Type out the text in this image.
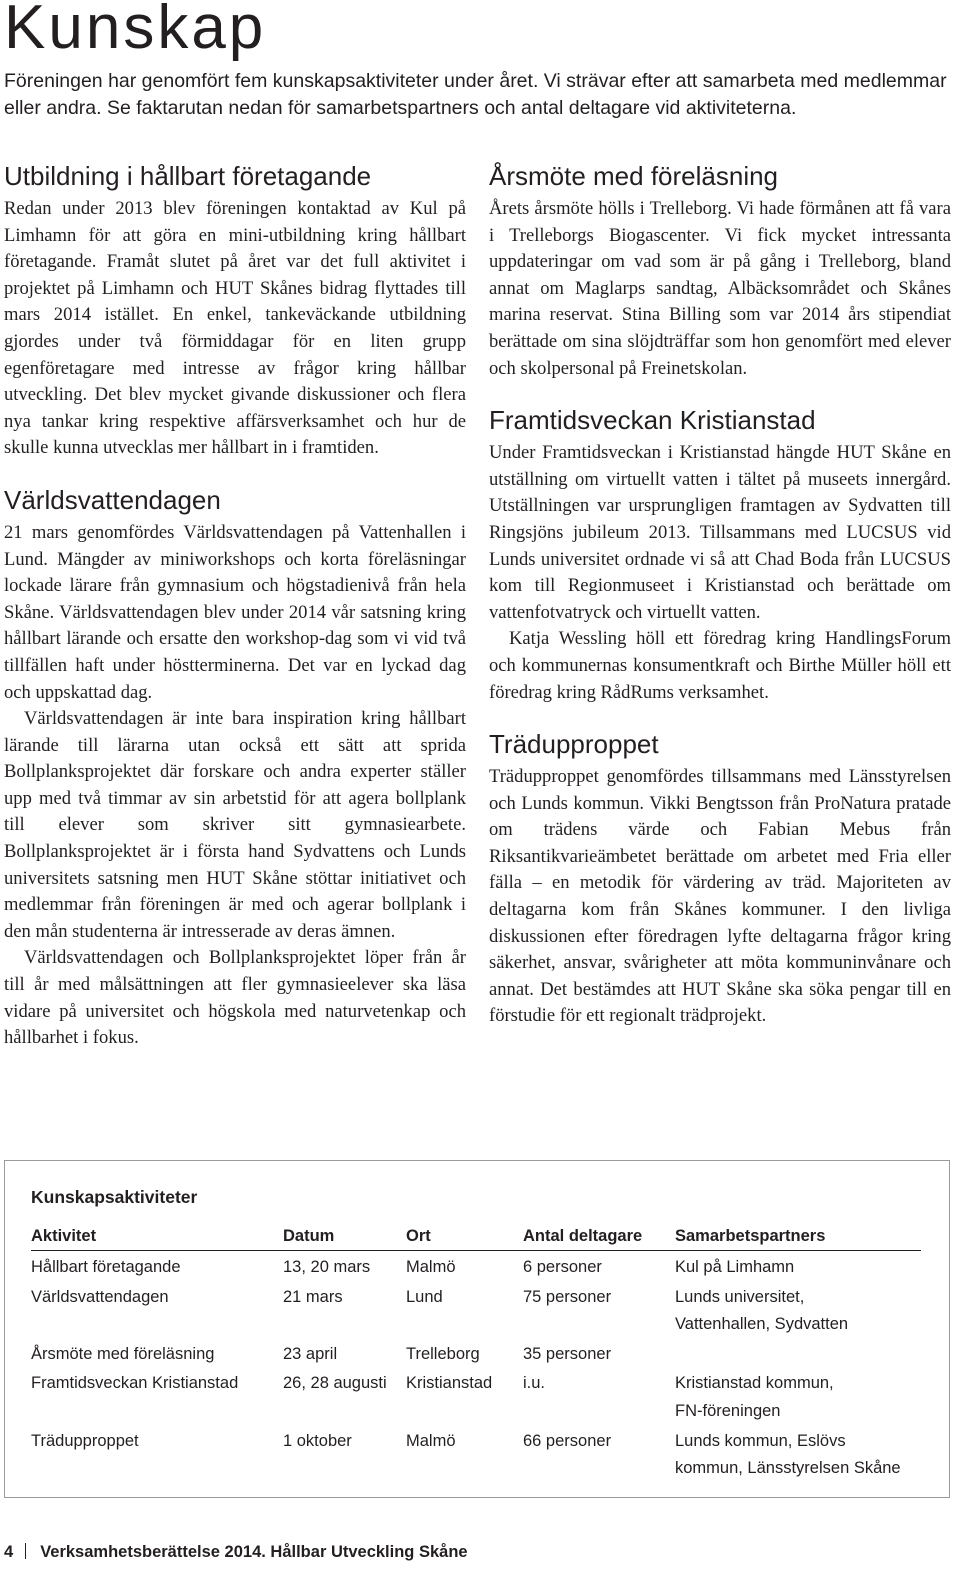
Kunskap

Föreningen har genomfört fem kunskapsaktiviteter under året. Vi strävar efter att samarbeta med medlemmar eller andra. Se faktarutan nedan för samarbetspartners och antal deltagare vid aktiviteterna.

Utbildning i hållbart företagande

Redan under 2013 blev föreningen kontaktad av Kul på Limhamn för att göra en mini-utbildning kring hållbart företagande. Framåt slutet på året var det full aktivitet i projektet på Limhamn och HUT Skånes bidrag flyttades till mars 2014 istället. En enkel, tankeväckande utbildning gjordes under två förmiddagar för en liten grupp egenföretagare med intresse av frågor kring hållbar utveckling. Det blev mycket givande diskussioner och flera nya tankar kring respektive affärsverksamhet och hur de skulle kunna utvecklas mer hållbart in i framtiden.

Världsvattendagen

21 mars genomfördes Världsvattendagen på Vattenhallen i Lund. Mängder av miniworkshops och korta föreläsningar lockade lärare från gymnasium och högstadienivå från hela Skåne. Världsvattendagen blev under 2014 vår satsning kring hållbart lärande och ersatte den workshop-dag som vi vid två tillfällen haft under höstterminerna. Det var en lyckad dag och uppskattad dag.

Världsvattendagen är inte bara inspiration kring hållbart lärande till lärarna utan också ett sätt att sprida Bollplanksprojektet där forskare och andra experter ställer upp med två timmar av sin arbetstid för att agera bollplank till elever som skriver sitt gymnasiearbete. Bollplanksprojektet är i första hand Sydvattens och Lunds universitets satsning men HUT Skåne stöttar initiativet och medlemmar från föreningen är med och agerar bollplank i den mån studenterna är intresserade av deras ämnen.

Världsvattendagen och Bollplanksprojektet löper från år till år med målsättningen att fler gymnasieelever ska läsa vidare på universitet och högskola med naturvetenkap och hållbarhet i fokus.

Årsmöte med föreläsning

Årets årsmöte hölls i Trelleborg. Vi hade förmånen att få vara i Trelleborgs Biogascenter. Vi fick mycket intressanta uppdateringar om vad som är på gång i Trelleborg, bland annat om Maglarps sandtag, Albäcksområdet och Skånes marina reservat. Stina Billing som var 2014 års stipendiat berättade om sina slöjdträffar som hon genomfört med elever och skolpersonal på Freinetskolan.

Framtidsveckan Kristianstad

Under Framtidsveckan i Kristianstad hängde HUT Skåne en utställning om virtuellt vatten i tältet på museets innergård. Utställningen var ursprungligen framtagen av Sydvatten till Ringsjöns jubileum 2013. Tillsammans med LUCSUS vid Lunds universitet ordnade vi så att Chad Boda från LUCSUS kom till Regionmuseet i Kristianstad och berättade om vattenfotvatryck och virtuellt vatten.

Katja Wessling höll ett föredrag kring HandlingsForum och kommunernas konsumentkraft och Birthe Müller höll ett föredrag kring RådRums verksamhet.

Trädupproppet

Trädupproppet genomfördes tillsammans med Länsstyrelsen och Lunds kommun. Vikki Bengtsson från ProNatura pratade om trädens värde och Fabian Mebus från Riksantikvarieämbetet berättade om arbetet med Fria eller fälla – en metodik för värdering av träd. Majoriteten av deltagarna kom från Skånes kommuner. I den livliga diskussionen efter föredragen lyfte deltagarna frågor kring säkerhet, ansvar, svårigheter att möta kommuninvånare och annat. Det bestämdes att HUT Skåne ska söka pengar till en förstudie för ett regionalt trädprojekt.

Kunskapsaktiviteter
Aktivitet	Datum	Ort	Antal deltagare	Samarbetspartners
Hållbart företagande	13, 20 mars	Malmö	6 personer	Kul på Limhamn

Världsvattendagen	21 mars	Lund	75 personer	Lunds universitet,
Vattenhallen, Sydvatten

Årsmöte med föreläsning	23 april	Trelleborg	35 personer	
Framtidsveckan Kristianstad	26, 28 augusti	Kristianstad	i.u.	Kristianstad kommun,
FN-föreningen

Trädupproppet	1 oktober	Malmö	66 personer	Lunds kommun, Eslövs
kommun, Länsstyrelsen Skåne
4 Verksamhetsberättelse 2014. Hållbar Utveckling Skåne
